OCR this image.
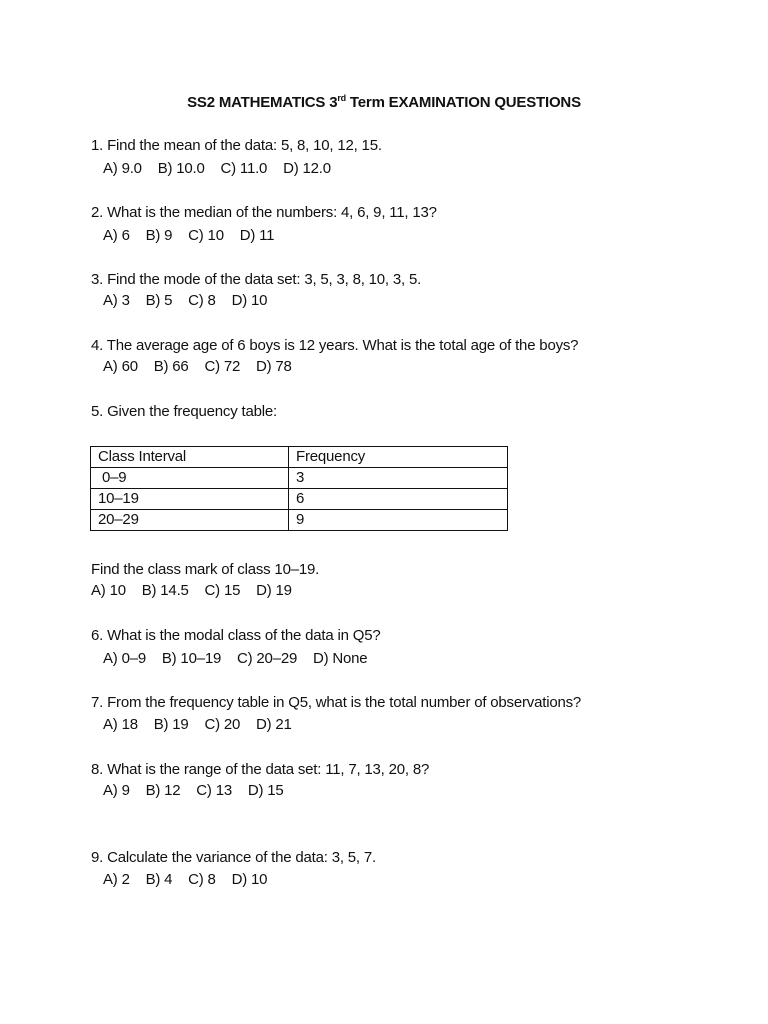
SS2 MATHEMATICS 3rd Term EXAMINATION QUESTIONS
1. Find the mean of the data: 5, 8, 10, 12, 15.
A) 9.0    B) 10.0    C) 11.0    D) 12.0
2. What is the median of the numbers: 4, 6, 9, 11, 13?
A) 6    B) 9    C) 10    D) 11
3. Find the mode of the data set: 3, 5, 3, 8, 10, 3, 5.
A) 3    B) 5    C) 8    D) 10
4. The average age of 6 boys is 12 years. What is the total age of the boys?
A) 60    B) 66    C) 72    D) 78
5. Given the frequency table:
Class Interval	Frequency
0–9	3
10–19	6
20–29	9
Find the class mark of class 10–19.
A) 10    B) 14.5    C) 15    D) 19
6. What is the modal class of the data in Q5?
A) 0–9    B) 10–19    C) 20–29    D) None
7. From the frequency table in Q5, what is the total number of observations?
A) 18    B) 19    C) 20    D) 21
8. What is the range of the data set: 11, 7, 13, 20, 8?
A) 9    B) 12    C) 13    D) 15
9. Calculate the variance of the data: 3, 5, 7.
A) 2    B) 4    C) 8    D) 10
